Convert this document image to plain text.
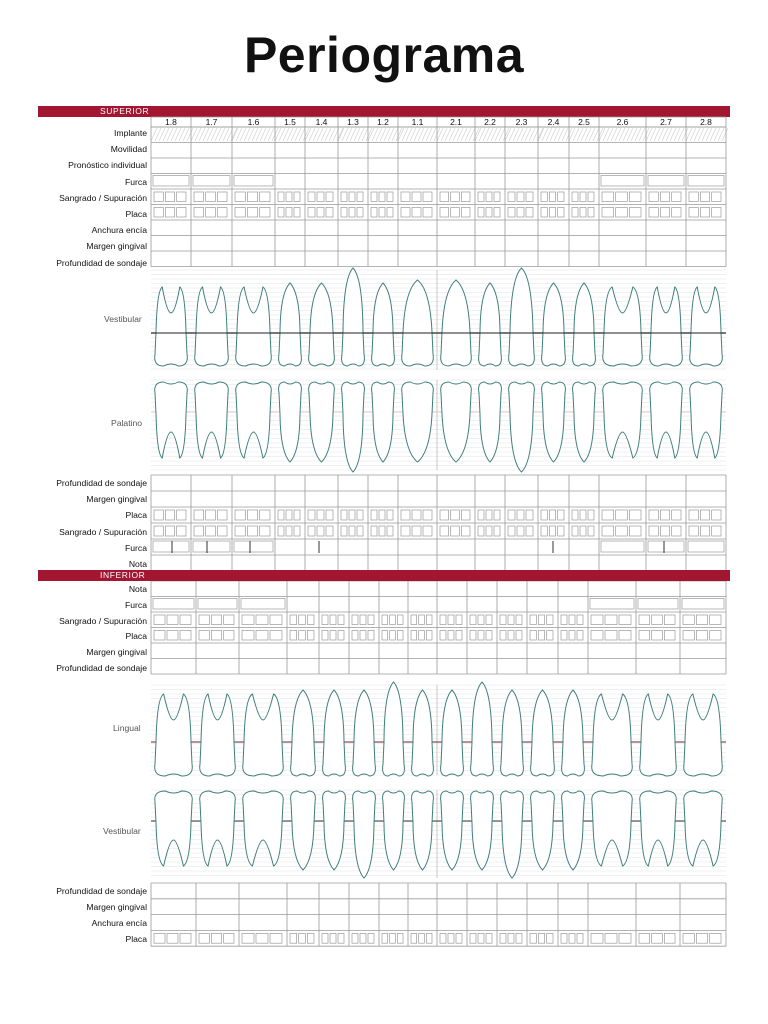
Periograma
SUPERIOR
1.8	1.7	1.6	1.5	1.4	1.3	1.2	1.1	2.1	2.2	2.3	2.4	2.5	2.6	2.7	2.8
Implante
Movilidad
Pronóstico individual
Furca
Sangrado / Supuración
Placa
Anchura encía
Margen gingival
Profundidad de sondaje
Vestibular
Palatino
Profundidad de sondaje
Margen gingival
Placa
Sangrado / Supuración
Furca
Nota
INFERIOR
Nota
Furca
Sangrado / Supuración
Placa
Margen gingival
Profundidad de sondaje
Lingual
Vestibular
Profundidad de sondaje
Margen gingival
Anchura encía
Placa
